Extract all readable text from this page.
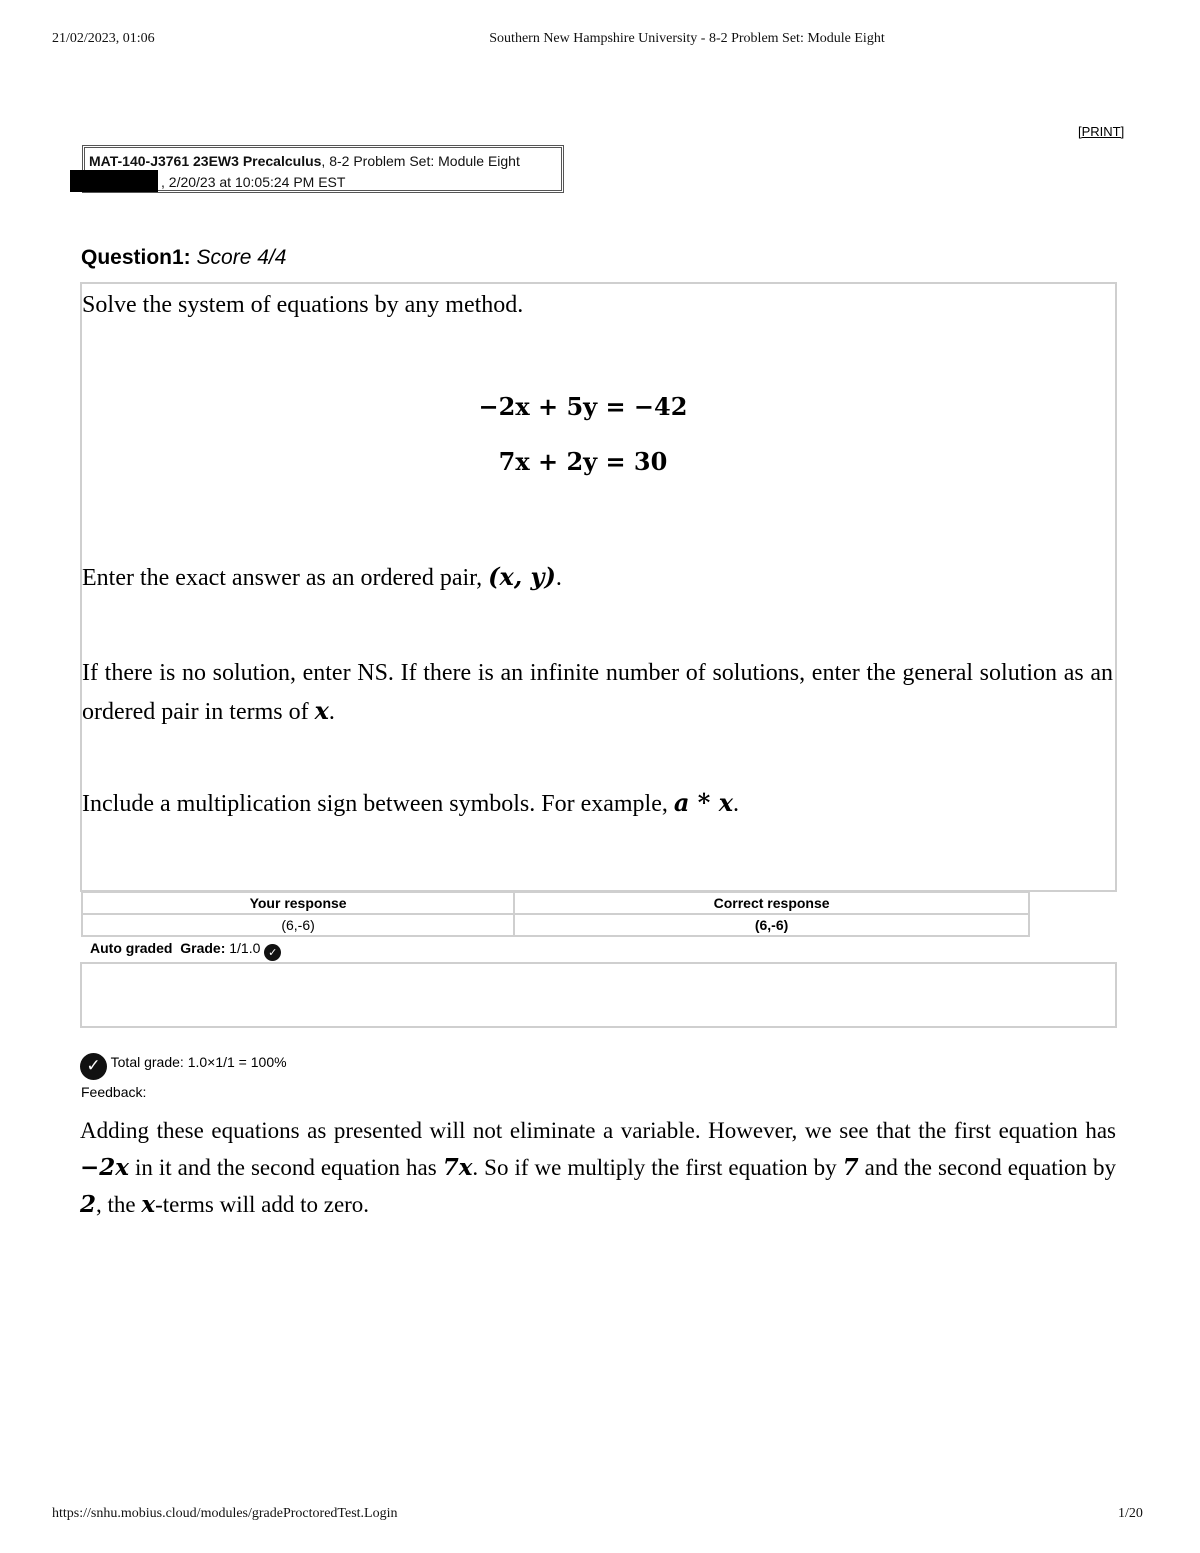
21/02/2023, 01:06	Southern New Hampshire University - 8-2 Problem Set: Module Eight
[PRINT]
MAT-140-J3761 23EW3 Precalculus, 8-2 Problem Set: Module Eight
, 2/20/23 at 10:05:24 PM EST
Question1: Score 4/4
Solve the system of equations by any method.
−2x + 5y = −42
7x + 2y = 30
Enter the exact answer as an ordered pair, (x, y).
If there is no solution, enter NS. If there is an infinite number of solutions, enter the general solution as an ordered pair in terms of x.
Include a multiplication sign between symbols. For example, a * x.
Your response	Correct response
(6,-6)	(6,-6)
Auto graded Grade: 1/1.0 ✓
✓ Total grade: 1.0×1/1 = 100%
Feedback:
Adding these equations as presented will not eliminate a variable. However, we see that the first equation has −2x in it and the second equation has 7x. So if we multiply the first equation by 7 and the second equation by 2, the x-terms will add to zero.
https://snhu.mobius.cloud/modules/gradeProctoredTest.Login	1/20
